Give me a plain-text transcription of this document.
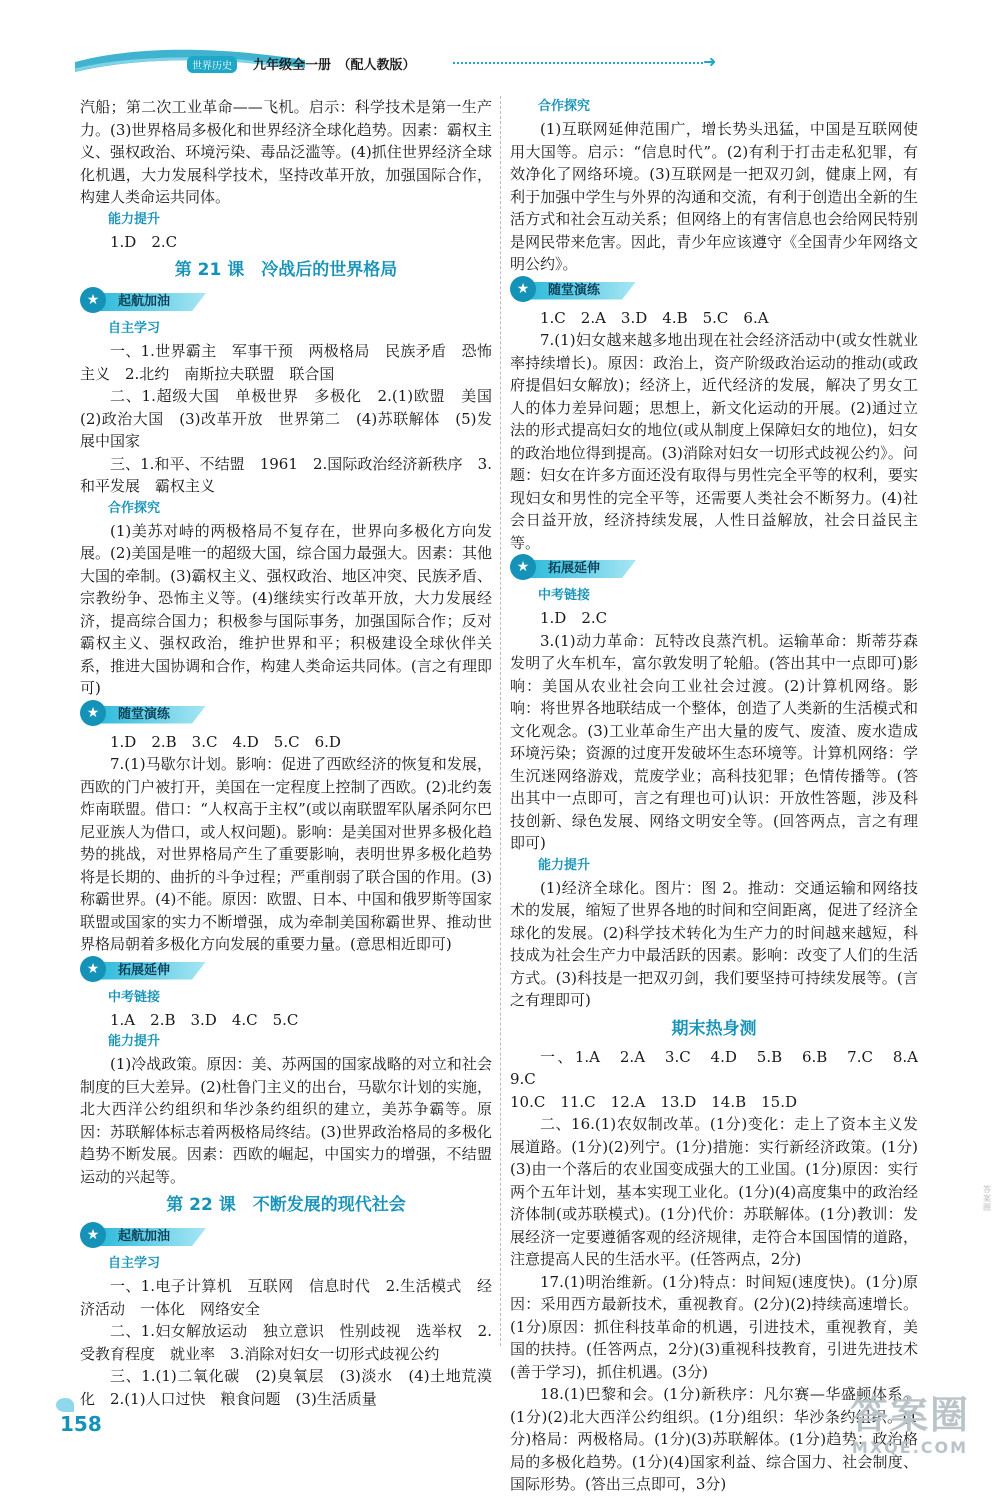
世界历史	九年级全一册　（配人教版）	➜

汽船；第二次工业革命——飞机。启示：科学技术是第一生产力。(3)世界格局多极化和世界经济全球化趋势。因素：霸权主义、强权政治、环境污染、毒品泛滥等。(4)抓住世界经济全球化机遇，大力发展科学技术，坚持改革开放，加强国际合作，构建人类命运共同体。

能力提升

1.D　2.C

第 21 课　冷战后的世界格局
★	起航加油

自主学习

一、1.世界霸主　军事干预　两极格局　民族矛盾　恐怖主义　2.北约　南斯拉夫联盟　联合国

二、1.超级大国　单极世界　多极化　2.(1)欧盟　美国　(2)政治大国　(3)改革开放　世界第二　(4)苏联解体　(5)发展中国家

三、1.和平、不结盟　1961　2.国际政治经济新秩序　3.和平发展　霸权主义

合作探究

(1)美苏对峙的两极格局不复存在，世界向多极化方向发展。(2)美国是唯一的超级大国，综合国力最强大。因素：其他大国的牵制。(3)霸权主义、强权政治、地区冲突、民族矛盾、宗教纷争、恐怖主义等。(4)继续实行改革开放，大力发展经济，提高综合国力；积极参与国际事务，加强国际合作；反对霸权主义、强权政治，维护世界和平；积极建设全球伙伴关系，推进大国协调和合作，构建人类命运共同体。(言之有理即可)

★	随堂演练

1.D　2.B　3.C　4.D　5.C　6.D

7.(1)马歇尔计划。影响：促进了西欧经济的恢复和发展，西欧的门户被打开，美国在一定程度上控制了西欧。(2)北约轰炸南联盟。借口：“人权高于主权”(或以南联盟军队屠杀阿尔巴尼亚族人为借口，或人权问题)。影响：是美国对世界多极化趋势的挑战，对世界格局产生了重要影响，表明世界多极化趋势将是长期的、曲折的斗争过程；严重削弱了联合国的作用。(3)称霸世界。(4)不能。原因：欧盟、日本、中国和俄罗斯等国家联盟或国家的实力不断增强，成为牵制美国称霸世界、推动世界格局朝着多极化方向发展的重要力量。(意思相近即可)

★	拓展延伸

中考链接

1.A　2.B　3.D　4.C　5.C

能力提升

(1)冷战政策。原因：美、苏两国的国家战略的对立和社会制度的巨大差异。(2)杜鲁门主义的出台，马歇尔计划的实施，北大西洋公约组织和华沙条约组织的建立，美苏争霸等。原因：苏联解体标志着两极格局终结。(3)世界政治格局的多极化趋势不断发展。因素：西欧的崛起，中国实力的增强，不结盟运动的兴起等。

第 22 课　不断发展的现代社会
★	起航加油

自主学习

一、1.电子计算机　互联网　信息时代　2.生活模式　经济活动　一体化　网络安全

二、1.妇女解放运动　独立意识　性别歧视　选举权　2.受教育程度　就业率　3.消除对妇女一切形式歧视公约

三、1.(1)二氧化碳　(2)臭氧层　(3)淡水　(4)土地荒漠化　2.(1)人口过快　粮食问题　(3)生活质量

合作探究

(1)互联网延伸范围广，增长势头迅猛，中国是互联网使用大国等。启示：“信息时代”。(2)有利于打击走私犯罪，有效净化了网络环境。(3)互联网是一把双刃剑，健康上网，有利于加强中学生与外界的沟通和交流，有利于创造出全新的生活方式和社会互动关系；但网络上的有害信息也会给网民特别是网民带来危害。因此，青少年应该遵守《全国青少年网络文明公约》。

★	随堂演练

1.C　2.A　3.D　4.B　5.C　6.A

7.(1)妇女越来越多地出现在社会经济活动中(或女性就业率持续增长)。原因：政治上，资产阶级政治运动的推动(或政府提倡妇女解放)；经济上，近代经济的发展，解决了男女工人的体力差异问题；思想上，新文化运动的开展。(2)通过立法的形式提高妇女的地位(或从制度上保障妇女的地位)，妇女的政治地位得到提高。(3)消除对妇女一切形式歧视公约》。问题：妇女在许多方面还没有取得与男性完全平等的权利，要实现妇女和男性的完全平等，还需要人类社会不断努力。(4)社会日益开放，经济持续发展，人性日益解放，社会日益民主等。

★	拓展延伸

中考链接

1.D　2.C

3.(1)动力革命：瓦特改良蒸汽机。运输革命：斯蒂芬森发明了火车机车，富尔敦发明了轮船。(答出其中一点即可)影响：美国从农业社会向工业社会过渡。(2)计算机网络。影响：将世界各地联结成一个整体，创造了人类新的生活模式和文化观念。(3)工业革命生产出大量的废气、废渣、废水造成环境污染；资源的过度开发破坏生态环境等。计算机网络：学生沉迷网络游戏，荒废学业；高科技犯罪；色情传播等。(答出其中一点即可，言之有理也可)认识：开放性答题，涉及科技创新、绿色发展、网络文明安全等。(回答两点，言之有理即可)

能力提升

(1)经济全球化。图片：图 2。推动：交通运输和网络技术的发展，缩短了世界各地的时间和空间距离，促进了经济全球化的发展。(2)科学技术转化为生产力的时间越来越短，科技成为社会生产力中最活跃的因素。影响：改变了人们的生活方式。(3)科技是一把双刃剑，我们要坚持可持续发展等。(言之有理即可)

期末热身测

一、1.A　2.A　3.C　4.D　5.B　6.B　7.C　8.A　9.C

10.C　11.C　12.A　13.D　14.B　15.D

二、16.(1)农奴制改革。(1分)变化：走上了资本主义发展道路。(1分)(2)列宁。(1分)措施：实行新经济政策。(1分)(3)由一个落后的农业国变成强大的工业国。(1分)原因：实行两个五年计划，基本实现工业化。(1分)(4)高度集中的政治经济体制(或苏联模式)。(1分)代价：苏联解体。(1分)教训：发展经济一定要遵循客观的经济规律，走符合本国国情的道路，注意提高人民的生活水平。(任答两点，2分)

17.(1)明治维新。(1分)特点：时间短(速度快)。(1分)原因：采用西方最新技术，重视教育。(2分)(2)持续高速增长。(1分)原因：抓住科技革命的机遇，引进技术，重视教育，美国的扶持。(任答两点，2分)(3)重视科技教育，引进先进技术(善于学习)，抓住机遇。(3分)

18.(1)巴黎和会。(1分)新秩序：凡尔赛—华盛顿体系。(1分)(2)北大西洋公约组织。(1分)组织：华沙条约组织。(1分)格局：两极格局。(1分)(3)苏联解体。(1分)趋势：政治格局的多极化趋势。(1分)(4)国家利益、综合国力、社会制度、国际形势。(答出三点即可，3分)

158
答案圈
答案圈
MXQE.COM
